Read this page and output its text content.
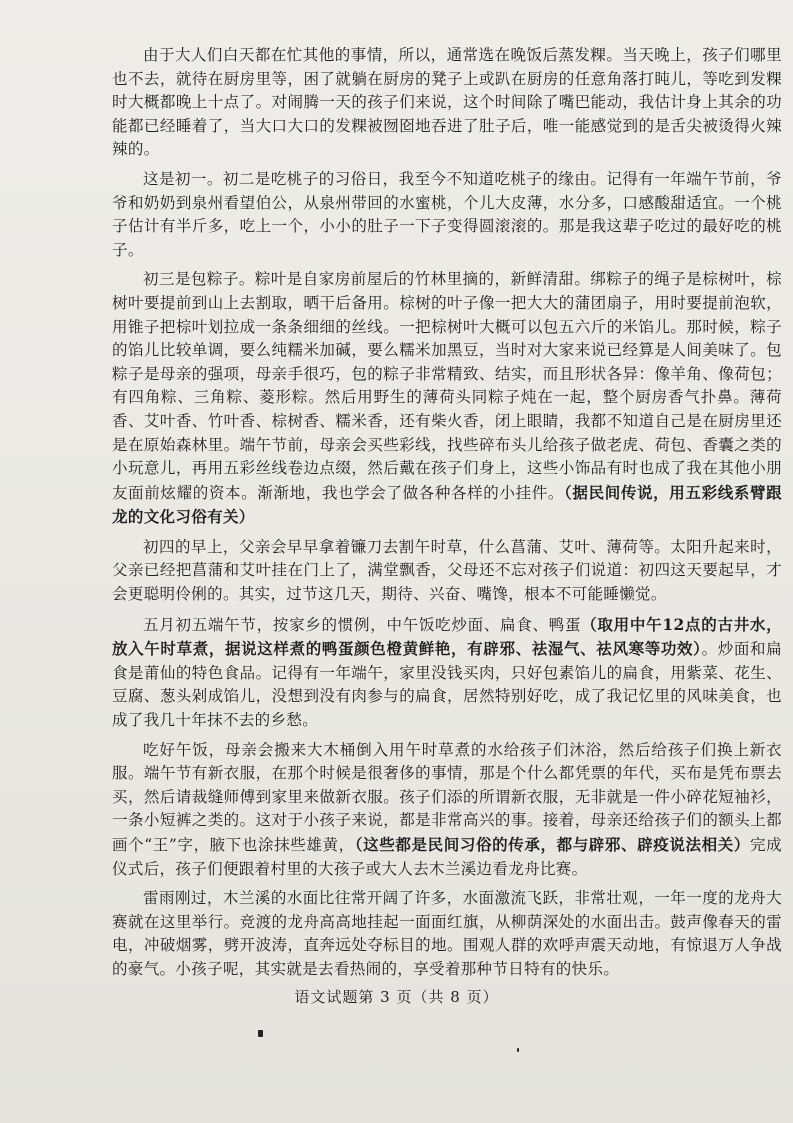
由于大人们白天都在忙其他的事情，所以，通常选在晚饭后蒸发粿。当天晚上，孩子们哪里也不去，就待在厨房里等，困了就躺在厨房的凳子上或趴在厨房的任意角落打盹儿，等吃到发粿时大概都晚上十点了。对闹腾一天的孩子们来说，这个时间除了嘴巴能动，我估计身上其余的功能都已经睡着了，当大口大口的发粿被囫囵地吞进了肚子后，唯一能感觉到的是舌尖被烫得火辣辣的。

这是初一。初二是吃桃子的习俗日，我至今不知道吃桃子的缘由。记得有一年端午节前，爷爷和奶奶到泉州看望伯公，从泉州带回的水蜜桃，个儿大皮薄，水分多，口感酸甜适宜。一个桃子估计有半斤多，吃上一个，小小的肚子一下子变得圆滚滚的。那是我这辈子吃过的最好吃的桃子。

初三是包粽子。粽叶是自家房前屋后的竹林里摘的，新鲜清甜。绑粽子的绳子是棕树叶，棕树叶要提前到山上去割取，晒干后备用。棕树的叶子像一把大大的蒲团扇子，用时要提前泡软，用锥子把棕叶划拉成一条条细细的丝线。一把棕树叶大概可以包五六斤的米馅儿。那时候，粽子的馅儿比较单调，要么纯糯米加碱，要么糯米加黑豆，当时对大家来说已经算是人间美味了。包粽子是母亲的强项，母亲手很巧，包的粽子非常精致、结实，而且形状各异：像羊角、像荷包；有四角粽、三角粽、菱形粽。然后用野生的薄荷头同粽子炖在一起，整个厨房香气扑鼻。薄荷香、艾叶香、竹叶香、棕树香、糯米香，还有柴火香，闭上眼睛，我都不知道自己是在厨房里还是在原始森林里。端午节前，母亲会买些彩线，找些碎布头儿给孩子做老虎、荷包、香囊之类的小玩意儿，再用五彩丝线卷边点缀，然后戴在孩子们身上，这些小饰品有时也成了我在其他小朋友面前炫耀的资本。渐渐地，我也学会了做各种各样的小挂件。（据民间传说，用五彩线系臂跟龙的文化习俗有关）

初四的早上，父亲会早早拿着镰刀去割午时草，什么菖蒲、艾叶、薄荷等。太阳升起来时，父亲已经把菖蒲和艾叶挂在门上了，满堂飘香，父母还不忘对孩子们说道：初四这天要起早，才会更聪明伶俐的。其实，过节这几天，期待、兴奋、嘴馋，根本不可能睡懒觉。

五月初五端午节，按家乡的惯例，中午饭吃炒面、扁食、鸭蛋（取用中午12点的古井水，放入午时草煮，据说这样煮的鸭蛋颜色橙黄鲜艳，有辟邪、祛湿气、祛风寒等功效）。炒面和扁食是莆仙的特色食品。记得有一年端午，家里没钱买肉，只好包素馅儿的扁食，用紫菜、花生、豆腐、葱头剁成馅儿，没想到没有肉参与的扁食，居然特别好吃，成了我记忆里的风味美食，也成了我几十年抹不去的乡愁。

吃好午饭，母亲会搬来大木桶倒入用午时草煮的水给孩子们沐浴，然后给孩子们换上新衣服。端午节有新衣服，在那个时候是很奢侈的事情，那是个什么都凭票的年代，买布是凭布票去买，然后请裁缝师傅到家里来做新衣服。孩子们添的所谓新衣服，无非就是一件小碎花短袖衫，一条小短裤之类的。这对于小孩子来说，都是非常高兴的事。接着，母亲还给孩子们的额头上都画个“王”字，腋下也涂抹些雄黄，（这些都是民间习俗的传承，都与辟邪、辟疫说法相关）完成仪式后，孩子们便跟着村里的大孩子或大人去木兰溪边看龙舟比赛。

雷雨刚过，木兰溪的水面比往常开阔了许多，水面激流飞跃，非常壮观，一年一度的龙舟大赛就在这里举行。竞渡的龙舟高高地挂起一面面红旗，从柳荫深处的水面出击。鼓声像春天的雷电，冲破烟雾，劈开波涛，直奔远处夺标目的地。围观人群的欢呼声震天动地，有惊退万人争战的豪气。小孩子呢，其实就是去看热闹的，享受着那种节日特有的快乐。

语文试题第 3 页（共 8 页）
